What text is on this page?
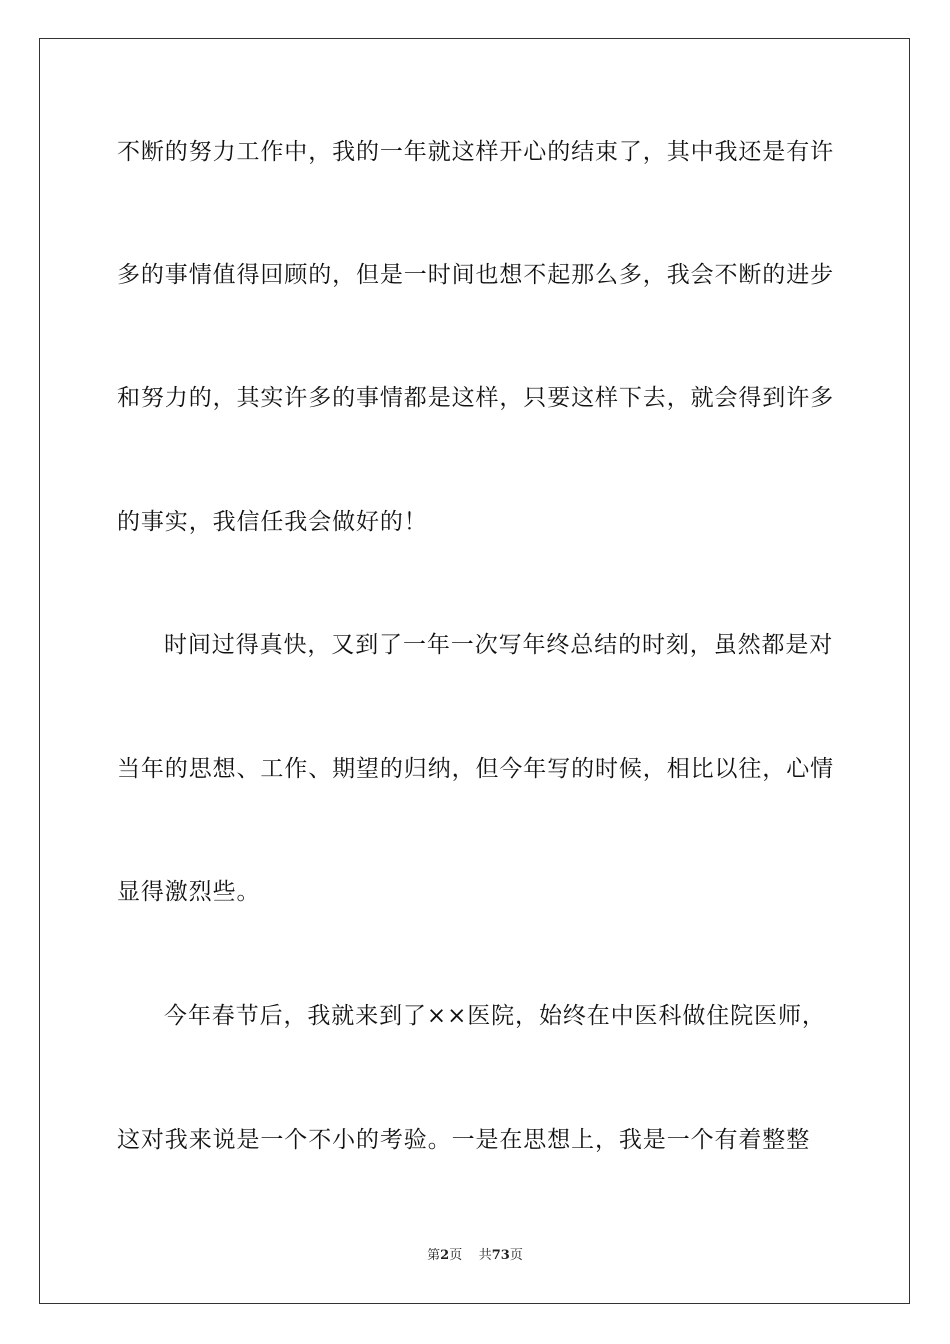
不断的努力工作中，我的一年就这样开心的结束了，其中我还是有许
多的事情值得回顾的，但是一时间也想不起那么多，我会不断的进步
和努力的，其实许多的事情都是这样，只要这样下去，就会得到许多
的事实，我信任我会做好的！
时间过得真快，又到了一年一次写年终总结的时刻，虽然都是对
当年的思想、工作、期望的归纳，但今年写的时候，相比以往，心情
显得激烈些。
今年春节后，我就来到了××医院，始终在中医科做住院医师，
这对我来说是一个不小的考验。一是在思想上，我是一个有着整整
第2页 共73页
